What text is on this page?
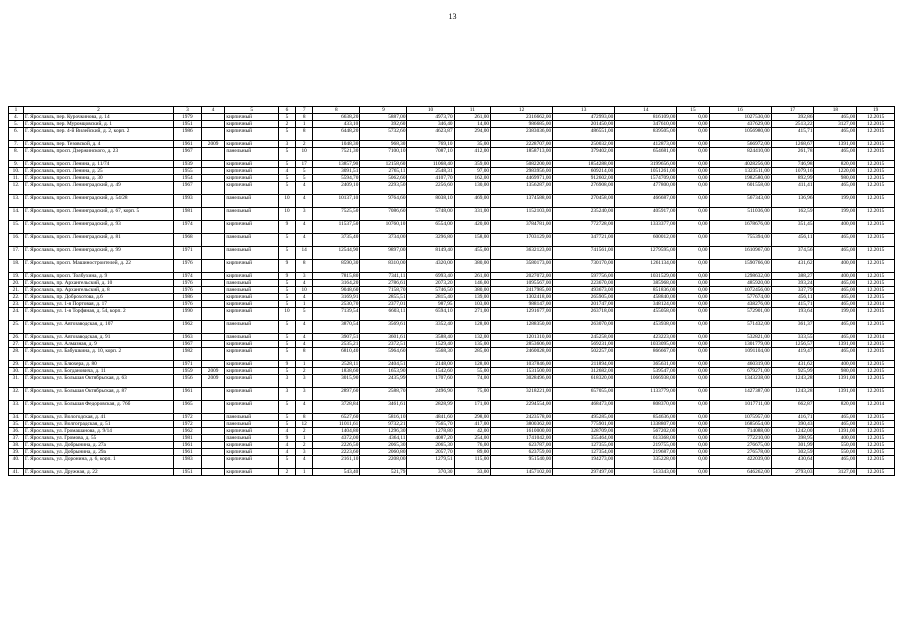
13
1	2	3	4	5	6	7	8	9	10	11	12	13	14	15	16	17	18	19
4.	Г. Ярославль, пер. Курочкинова, д. 14	1979		кирпичный	5	8	6638,20	5887,00	4973,70	261,00	2316662,00	472993,00	816109,00	0,00	1027530,00	392,86	465,00	12.2015
5.	Г. Ярославль, пер. Муромцовский, д. 1	1951		кирпичный	2	1	433,10	392,60	346,40	14,00	986685,00	201450,00	347610,00	0,00	437629,00	2513,22	3127,00	12.2015
6.	Г. Ярославль, пер. 4-й Вилейский, д. 2, корп. 2	1986		кирпичный	5	8	6448,20	5732,60	4623,87	294,00	2383036,00	486551,00	839505,00	0,00	1056980,00	415,71	465,00	12.2015
7.	Г. Ярославль, пер. Тезовской, д. 4	1961	2009	кирпичный	3	2	1048,30	968,30	769,10	35,00	2228707,00	250032,00	412873,00	0,00	566972,00	1268,67	1391,00	12.2015
8.	Г. Ярославль, просп. Дзержинского, д. 23	1967		панельный	5	10	7521,30	7100,10	7087,10	412,00	1858713,00	379402,00	654681,00	0,00	824410,00	261,78	465,00	12.2015
9.	Г. Ярославль, просп. Ленина, д. 11/74	1939		кирпичный	5	17	13857,90	12158,60	11068,40	359,00	5082200,00	1854288,00	3199656,00	0,00	4028256,00	746,98	820,00	12.2015
10.	Г. Ярославль, просп. Ленина, д. 25	1955		кирпичный	4	5	3091,51	2765,11	2548,31	97,00	2983956,00	609214,00	1051261,00	0,00	1323511,00	1079,16	1220,00	12.2015
11.	Г. Ярославль, просп. Ленина, д. 30	1954		кирпичный	5	5	5594,70	5062,60	4107,70	162,00	4469971,00	912602,00	1574709,00	0,00	1982580,00	892,99	980,00	12.2015
12.	Г. Ярославль, просп. Ленинградский, д. 49	1967		кирпичный	5	4	2409,10	2293,50	2256,60	130,00	1356287,00	276908,00	477800,00	0,00	601558,00	411,41	465,00	12.2015
13.	Г. Ярославль, просп. Ленинградский, д. 54/28	1993		панельный	10	4	10137,10	9764,60	8038,10	469,00	1374588,00	270458,00	466687,00	0,00	567343,00	136,96	199,00	12.2015
14.	Г. Ярославль, просп. Ленинградский, д. 67, корп. 5	1981		панельный	10	3	7525,50	7086,60	5748,00	331,00	1152103,00	235240,00	405917,00	0,00	511036,00	162,59	199,00	12.2015
15.	Г. Ярославль, просп. Ленинградский, д. 93	1974		кирпичный	9	4	11537,50	10760,10	6554,00	420,00	3784781,00	772728,00	1333377,00	0,00	1678676,00	351,45	400,00	12.2015
16.	Г. Ярославль, просп. Ленинградский, д. 81	1968		панельный	5	4	3735,40	3734,00	3296,80	158,00	1703129,00	347721,00	600012,00	0,00	755394,00	456,11	465,00	12.2015
17.	Г. Ярославль, просп. Ленинградский, д. 99	1971		панельный	5	14	12544,90	9897,00	8149,40	455,00	3632123,00	741561,00	1279595,00	0,00	1610967,00	374,56	465,00	12.2015
18.	Г. Ярославль, просп. Машиностроителей, д. 22	1976		кирпичный	9	8	8590,30	8310,00	4320,00	380,00	3580173,00	730170,00	1261134,00	0,00	1590766,00	431,62	400,00	12.2015
19.	Г. Ярославль, просп. Толбухина, д. 9	1974		кирпичный	9	3	7815,80	7341,11	6993,40	261,00	2027072,00	597756,00	1031529,00	0,00	1298632,00	388,27	400,00	12.2015
20.	Г. Ярославль, пр. Архангельский, д. 10	1976		панельный	5	4	3164,20	2786,61	2073,20	146,00	1095567,00	223670,00	385968,00	0,00	485920,00	393,24	465,00	12.2015
21.	Г. Ярославль, пр. Архангельский, д. 8	1976		панельный	5	10	9048,60	7158,70	5746,50	380,00	2417985,00	493673,00	851836,00	0,00	1072456,00	337,79	465,00	12.2015
22.	Г. Ярославль, пр. Доброхотова, д.6	1986		кирпичный	5	4	3169,91	2855,51	2815,40	139,00	1302418,00	265905,00	458840,00	0,00	577674,00	456,11	465,00	12.2015
23.	Г. Ярославль, ул. 1-я Портовая, д. 17	1976		кирпичный	5	1	2530,70	2377,01	987,95	103,00	988147,00	201747,00	348124,00	0,00	438276,00	415,71	465,00	12.2014
24.	Г. Ярославль, ул. 1-я Торфяная, д. 54, корп. 2	1990		кирпичный	10	5	7139,54	6603,11	6594,10	271,00	1291677,00	263718,00	455058,00	0,00	572901,00	193,64	199,00	12.2015
25.	Г. Ярославль, ул. Автозаводская, д. 107	1962		панельный	5	4	3870,54	3569,61	3352,40	128,00	1288350,00	263070,00	453938,00	0,00	571432,00	361,37	465,00	12.2015
26.	Г. Ярославль, ул. Автозаводская, д. 91	1963		панельный	5	4	3907,51	3601,61	3588,40	132,00	1201310,00	245258,00	423223,00	0,00	532821,00	333,55	465,00	12.2014
27.	Г. Ярославль, ул. Алмазная, д. 9	1967		кирпичный	5	4	2535,21	2372,51	1529,40	135,00	2853606,00	569231,00	1033095,00	0,00	1301779,00	1256,57	1391,00	12.2015
28.	Г. Ярославль, ул. Бабушкина, д. 10, корп. 2	1982		кирпичный	5	8	6810,40	5964,60	5568,30	285,00	2460028,00	502257,00	866667,00	0,00	1091104,00	419,47	465,00	12.2015
29.	Г. Ярославль, ул. Блюхера, д. 80	1971		кирпичный	9	1	2528,11	2404,51	2148,00	128,00	1037846,00	211894,00	365631,00	0,00	460319,00	431,62	400,00	12.2015
30.	Г. Ярославль, ул. Богдановича, д. 11	1959	2009	кирпичный	5	2	1838,60	1653,90	1542,60	55,00	1531500,00	312682,00	539547,00	0,00	679271,00	925,99	980,00	12.2015
31.	Г. Ярославль, ул. Большая Октябрьская, д. 63	1956	2009	кирпичный	3	3	3015,90	2435,99	1707,60	74,00	3028496,00	618320,00	1066938,00	0,00	1343238,00	1243,28	1391,00	12.2015
32.	Г. Ярославль, ул. Большая Октябрьская, д. 87	1961		кирпичный	3	3	2897,60	2588,70	2496,90	75,00	3218221,00	657055,00	1133779,00	0,00	1427387,00	1243,28	1391,00	12.2015
33.	Г. Ярославль, ул. Большая Федоровская, д. 76б	1965		кирпичный	5	4	3728,84	3461,61	2828,99	171,00	2294554,00	468473,00	808370,00	0,00	1017711,00	662,87	820,00	12.2014
34.	Г. Ярославль, ул. Вологодская, д. 41	1972		панельный	5	8	6527,60	5816,10	4841,60	298,00	2423578,00	495285,00	854636,00	0,00	1075957,00	416,71	465,00	12.2015
35.	Г. Ярославль, ул. Волгоградская, д. 51	1972		панельный	5	12	11011,61	9732,21	7565,70	417,00	3800362,00	775901,00	1338807,00	0,00	1685654,00	390,43	465,00	12.2015
36.	Г. Ярославль, ул. Громашанова, д. 9/14	1962		кирпичный	4	2	1404,80	1296,30	1278,80	42,00	1610000,00	328709,00	567202,00	0,00	714088,00	1242,00	1391,00	12.2015
37.	Г. Ярославль, ул. Громова, д. 55	1981		панельный	9	1	4372,00	4364,11	4087,20	254,00	1741042,00	355464,00	613368,00	0,00	772210,00	398,95	400,00	12.2015
38.	Г. Ярославль, ул. Добрынина, д. 27а	1961		кирпичный	4	2	2226,50	2065,30	2065,30	76,00	623787,00	127355,00	219755,00	0,00	276675,00	301,99	550,00	12.2015
39.	Г. Ярославль, ул. Добрынина, д. 29а	1961		кирпичный	4	3	2223,60	2060,80	2057,70	89,00	623759,00	127354,00	219687,00	0,00	276578,00	302,59	550,00	12.2015
40.	Г. Ярославль, ул. Доронина, д. 6, корп. 1	1983		кирпичный	5	4	2161,10	2208,00	1279,51	115,00	951540,00	194273,00	335228,00	0,00	422039,00	430,64	465,00	12.2015
41.	Г. Ярославль, ул. Дружная, д. 22	1951		кирпичный	2	1	543,40	521,79	370,30	33,00	1457102,00	297497,00	513343,00	0,00	646262,00	2793,03	3127,00	12.2015
